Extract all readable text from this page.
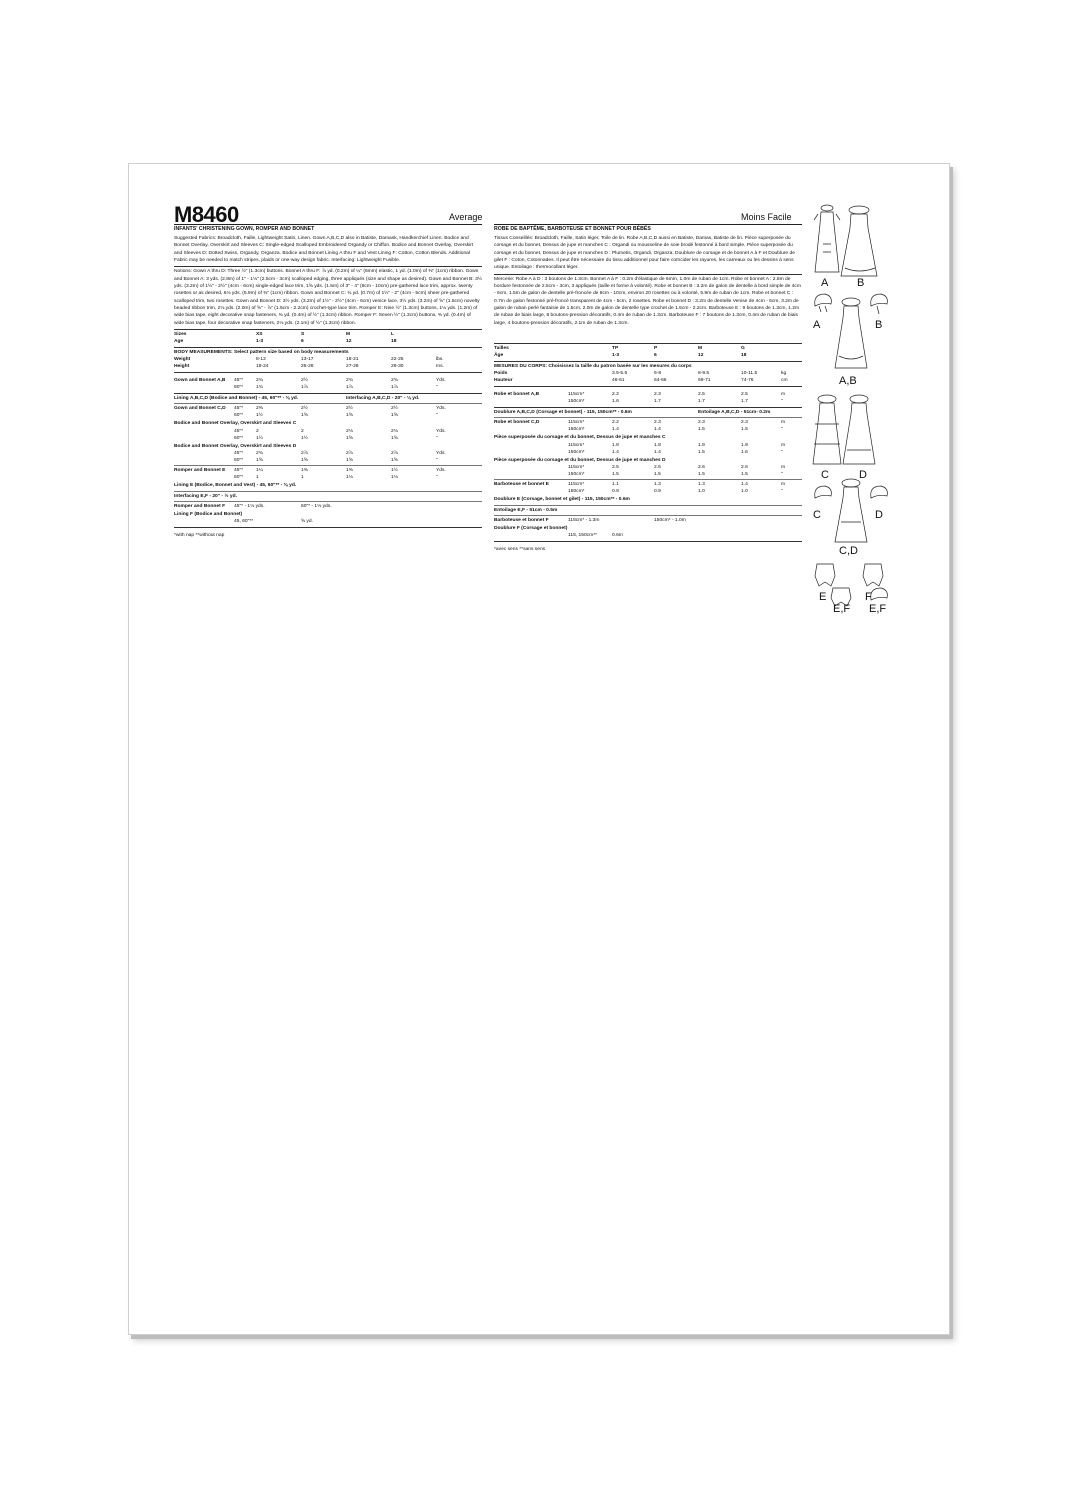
M8460	Average	Moins Facile
INFANTS' CHRISTENING GOWN, ROMPER AND BONNET
Suggested Fabrics: Broadcloth, Faille, Lightweight Satin, Linen. Gown A,B,C,D also in Batiste, Damask, Handkerchief Linen. Bodice and Bonnet Overlay, Overskirt and Sleeves C: Single-edged Scalloped Embroidered Organdy or Chiffon. Bodice and Bonnet Overlay, Overskirt and Sleeves D: Dotted Swiss, Organdy, Organza. Bodice and Bonnet Lining A thru F and Vest Lining F: Cotton, Cotton Blends. Additional Fabric may be needed to match stripes, plaids or one-way design fabric. Interfacing: Lightweight Fusible.
Notions: Gown A thru D: Three ½" (1.3cm) buttons. Bonnet A thru F: ⅞ yd. (0.2m) of ¼" (6mm) elastic, 1 yd. (1.0m) of ⅜" (1cm) ribbon. Gown and Bonnet A: 3 yds. (2.8m) of 1" - 1⅛" (2.5cm - 3cm) scalloped edging, three appliqués (size and shape as desired). Gown and Bonnet B: 3½ yds. (3.2m) of 1½" - 2½" (4cm - 6cm) single-edged lace trim, 1⅝ yds. (1.5m) of 3" - 4" (8cm - 10cm) pre-gathered lace trim, approx. twenty rosettes or as desired, 6⅛ yds. (5.9m) of ⅜" (1cm) ribbon. Gown and Bonnet C: ¾ yd. (0.7m) of 1½" - 2" (4cm - 5cm) sheer pre-gathered scalloped trim, two rosettes. Gown and Bonnet D: 3½ yds. (3.2m) of 1½" - 2½" (4cm - 6cm) venice lace, 3½ yds. (3.2m) of ⅝" (1.5cm) novelty beaded ribbon trim, 2⅛ yds. (2.0m) of ⅝" - ⅞" (1.5cm - 2.2cm) crochet-type lace trim. Romper E: Nine ½" (1.3cm) buttons, 1⅛ yds. (1.2m) of wide bias tape, eight decorative snap fasteners, ⅜ yd. (0.4m) of ½" (1.3cm) ribbon. Romper F: Seven ½" (1.3cm) buttons, ⅜ yd. (0.4m) of wide bias tape, four decorative snap fasteners, 2⅛ yds. (2.1m) of ½" (1.3cm) ribbon.
Sizes	XS	S	M	L
Age	1-3	6	12	18
BODY MEASUREMENTS: Select pattern size based on body measurements
Weight	8-12	13-17	18-21	22-25	lbs.
Height	18-24	25-26	27-28	29-30	Ins.
Gown and Bonnet A,B 45"*	2¾	2½	2¾	2¾	Yds.
60"*	1¾	1⅞	1⅞	1⅞	"
Lining A,B,C,D (Bodice and Bonnet) - 45, 60"** - ⅜ yd.	Interfacing A,B,C,D - 20" - ⅛ yd.
Gown and Bonnet C,D 45"*	2⅜	2½	2½	2½	Yds.
60"*	1½	1⅝	1⅝	1⅝	"
Bodice and Bonnet Overlay, Overskirt and Sleeves C
45"*	2	2	2⅛	2⅛	Yds.
60"*	1½	1½	1⅝	1⅝	"
Bodice and Bonnet Overlay, Overskirt and Sleeves D
45"*	2¾	2⅞	2⅞	2⅞	Yds.
60"*	1⅝	1⅝	1⅝	1⅝	"
Romper and Bonnet E 45"*	1¼	1⅜	1⅜	1½	Yds.
60"*	1	1	1⅛	1⅛	"
Lining E (Bodice, Bonnet and Vest) - 45, 60"** - ⅜ yd.
Interfacing E,F - 20" - ½ yd.
Romper and Bonnet F 45"* - 1⅛ yds.	60"* - 1⅛ yds.
Lining F (Bodice and Bonnet)
45, 60"**	⅝ yd.
*with nap **without nap
ROBE DE BAPTÊME, BARBOTEUSE ET BONNET POUR BÉBÉS
Tissus Conseillés: Broadcloth, Faille, Satin léger, Toile de lin. Robe A,B,C,D aussi en Batiste, Damas, Batiste de lin. Pièce superposée du corsage et du bonnet, Dessus de jupe et manches C : Organdi ou mousseline de soie brodé festonné à bord simple. Pièce superposée du corsage et du bonnet, Dessus de jupe et manches D : Plumetis, Organdi, Organza. Doublure de corsage et de bonnet A à F et Doublure de gilet F : Coton, Cotonnades. Il peut être nécessaire du tissu additionnel pour faire coïncider les rayures, les carreaux ou les dessins à sens unique. Entoilage : thermocollant léger.
Mercerie: Robe A à D : 3 boutons de 1.3cm. Bonnet A à F : 0.2m d'élastique de 6mm, 1.0m de ruban de 1cm. Robe et bonnet A : 2.8m de bordure festonnée de 2.5cm - 3cm, 3 appliqués (taille et forme à volonté). Robe et bonnet B : 3.2m de galon de dentelle à bord simple de 4cm - 6cm, 1.5m de galon de dentelle pré-froncée de 8cm - 10cm, environ 20 rosettes ou à volonté, 5.9m de ruban de 1cm. Robe et bonnet C : 0.7m de galon festonné pré-froncé transparent de 4cm - 5cm, 2 rosettes. Robe et bonnet D : 3.2m de dentelle Venise de 4cm - 6cm, 3.2m de galon de ruban perlé fantaisie de 1.5cm, 2.0m de galon de dentelle type crochet de 1.5cm - 2.2cm. Barboteuse E : 9 boutons de 1.3cm, 1.2m de ruban de biais large, 8 boutons-pression décoratifs, 0.4m de ruban de 1.3cm. Barboteuse F : 7 boutons de 1.3cm, 0.4m de ruban de biais large, 4 boutons-pression décoratifs, 2.1m de ruban de 1.3cm.
Tailles	TP	P	M	G
Âge	1-3	6	12	18
MESURES DU CORPS: Choisissez la taille du patron basée sur les mesures du corps
Poids	3.5-5.5	6-8	8-9.5	10-11.5	kg
Hauteur	46-61	64-66	69-71	74-76	cm
Robe et bonnet A,B	115cm*	2.2	2.3	2.5	2.5	m
150cm*	1.6	1.7	1.7	1.7	"
Doublure A,B,C,D (Corsage et bonnet) - 115, 150cm** - 0.6m	Entoilage A,B,C,D - 51cm- 0.2m
Robe et bonnet C,D	115cm*	2.2	2.3	2.3	2.3	m
150cm*	1.4	1.4	1.5	1.5	"
Pièce superposée du corsage et du bonnet, Dessus de jupe et manches C
115cm*	1.8	1.8	1.9	1.9	m
150cm*	1.4	1.4	1.5	1.6	"
Pièce superposée du corsage et du bonnet, Dessus de jupe et manches D
115cm*	2.5	2.6	2.6	2.6	m
150cm*	1.5	1.5	1.5	1.5	"
Barboteuse et bonnet E	115cm*	1.1	1.3	1.3	1.4	m
150cm*	0.9	0.9	1.0	1.0	"
Doublure E (Corsage, bonnet et gilet) - 115, 150cm** - 0.6m
Entoilage E,F - 51cm - 0.5m
Barboteuse et bonnet F	115cm* - 1.3m	150cm* - 1.0m
Doublure F (Corsage et bonnet)
115, 150cm**	0.6m
*avec sens **sans sens
A	B
A	B
A,B
C	D
C	D
C,D
E	F
E,F E,F
